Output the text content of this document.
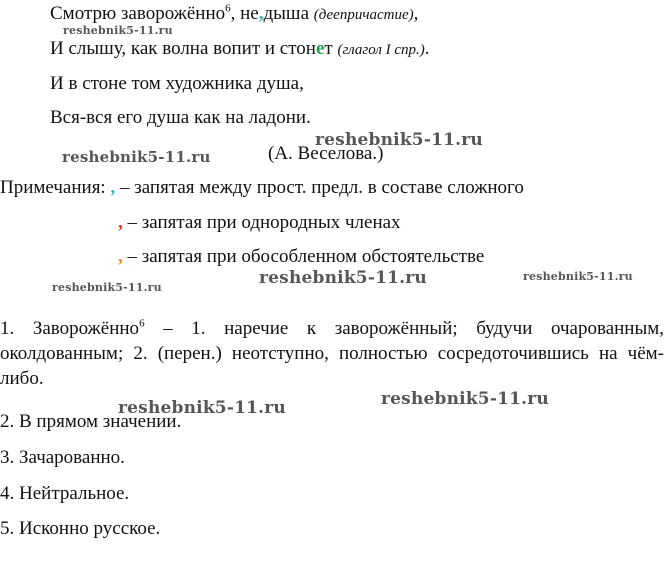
Смотрю заворожённо$^6$, не,дыша (деепричастие),
И слышу, как волна вопит и стонет (глагол I спр.).
И в стоне том художника душа,
Вся-вся его душа как на ладони.
(А. Веселова.)
Примечания: , – запятая между прост. предл. в составе сложного
, – запятая при однородных членах
, – запятая при обособленном обстоятельстве
1. Заворожённо$^6$ – 1. наречие к заворожённый; будучи очарованным, околдованным; 2. (перен.) неотступно, полностью сосредоточившись на чём-либо.
2. В прямом значении.
3. Зачарованно.
4. Нейтральное.
5. Исконно русское.
reshebnik5-11.ru
reshebnik5-11.ru
reshebnik5-11.ru
reshebnik5-11.ru	reshebnik5-11.ru
reshebnik5-11.ru
reshebnik5-11.ru
reshebnik5-11.ru
